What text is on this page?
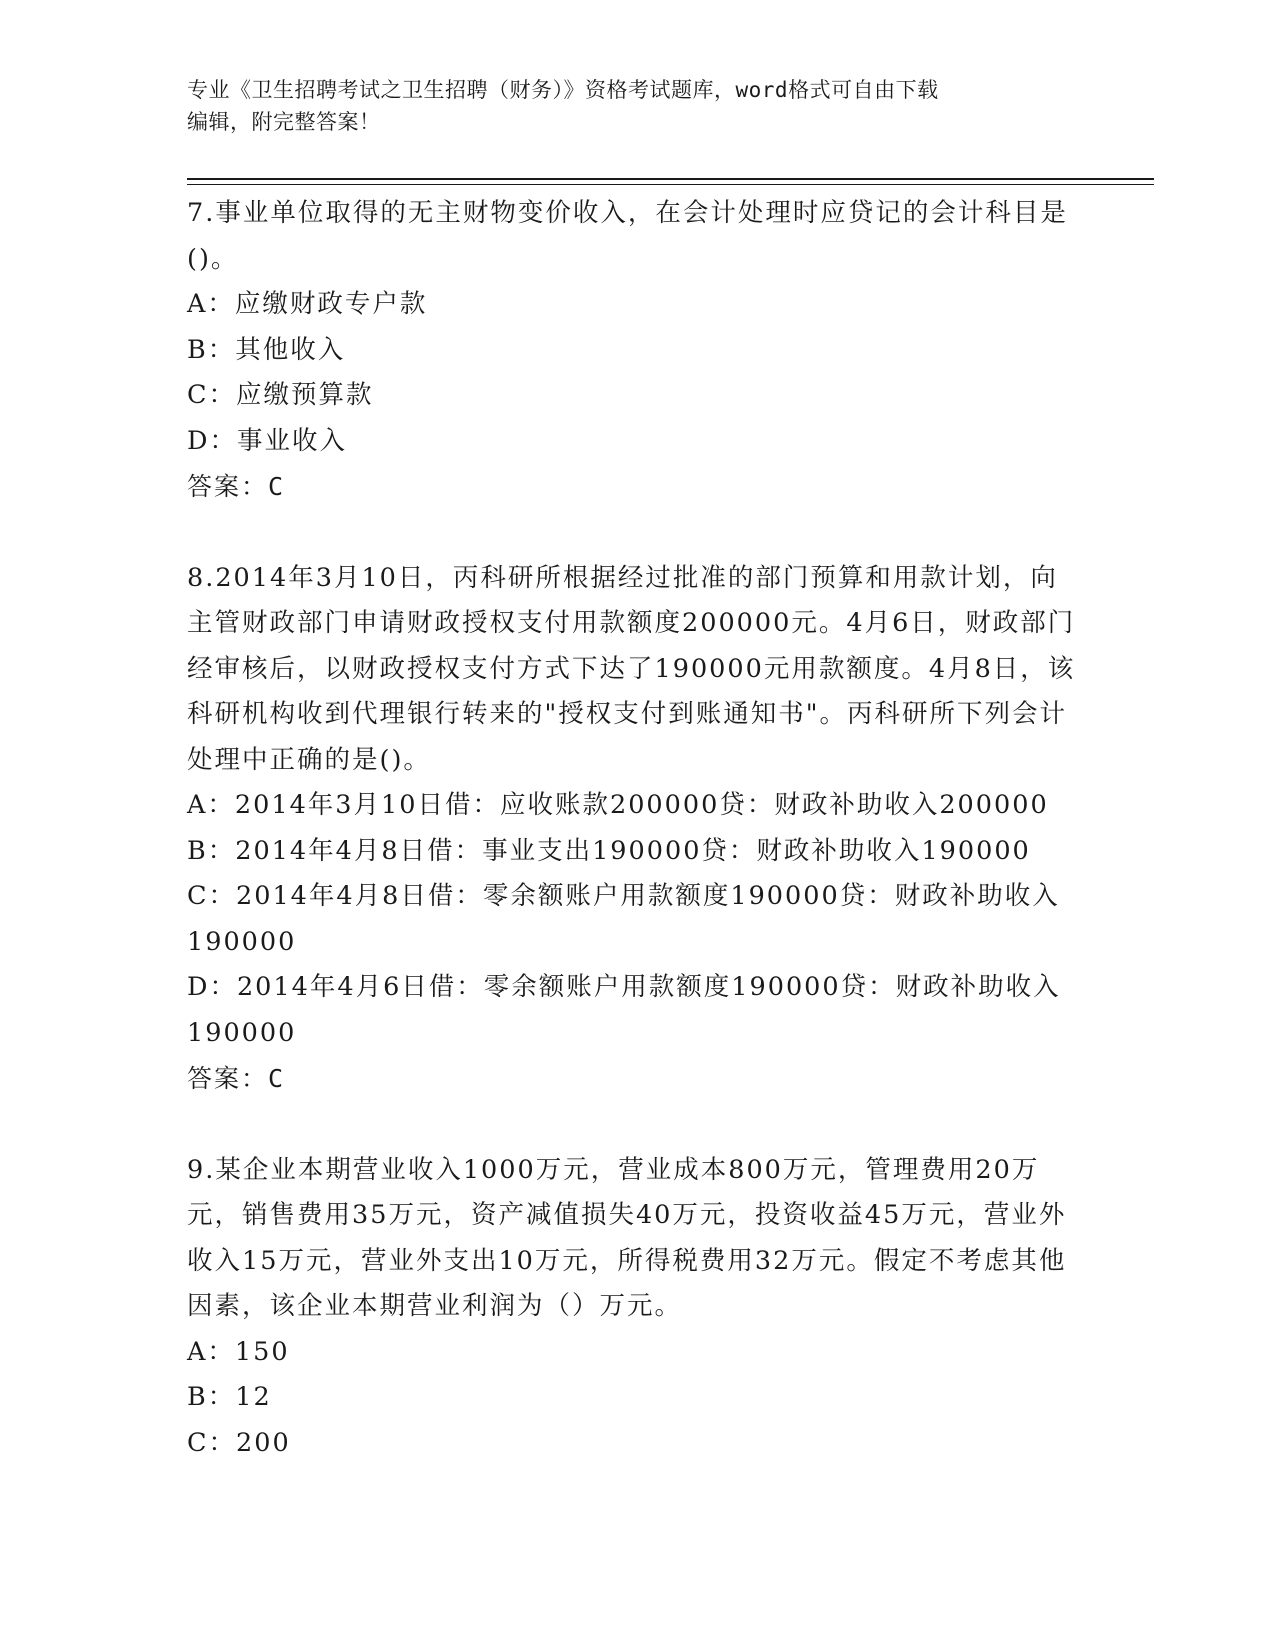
专业《卫生招聘考试之卫生招聘（财务）》资格考试题库，word格式可自由下载
编辑，附完整答案！

7.事业单位取得的无主财物变价收入，在会计处理时应贷记的会计科目是()。

A：应缴财政专户款

B：其他收入

C：应缴预算款

D：事业收入

答案：C

8.2014年3月10日，丙科研所根据经过批准的部门预算和用款计划，向主管财政部门申请财政授权支付用款额度200000元。4月6日，财政部门经审核后，以财政授权支付方式下达了190000元用款额度。4月8日，该科研机构收到代理银行转来的"授权支付到账通知书"。丙科研所下列会计处理中正确的是()。

A：2014年3月10日借：应收账款200000贷：财政补助收入200000

B：2014年4月8日借：事业支出190000贷：财政补助收入190000

C：2014年4月8日借：零余额账户用款额度190000贷：财政补助收入190000

D：2014年4月6日借：零余额账户用款额度190000贷：财政补助收入190000

答案：C

9.某企业本期营业收入1000万元，营业成本800万元，管理费用20万元，销售费用35万元，资产减值损失40万元，投资收益45万元，营业外收入15万元，营业外支出10万元，所得税费用32万元。假定不考虑其他因素，该企业本期营业利润为（）万元。

A：150

B：12

C：200
